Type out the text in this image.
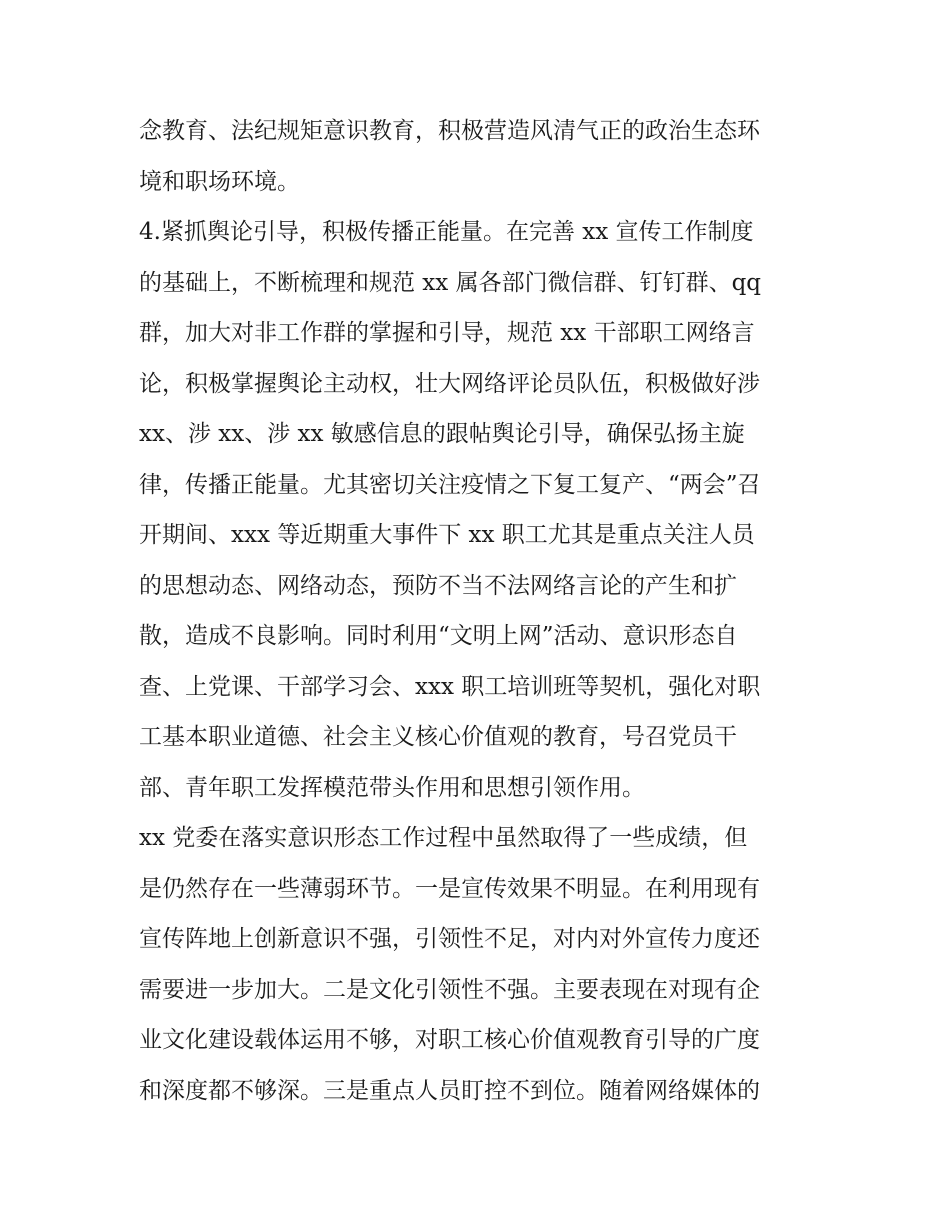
念教育、法纪规矩意识教育，积极营造风清气正的政治生态环
境和职场环境。
4.紧抓舆论引导，积极传播正能量。在完善 xx 宣传工作制度
的基础上，不断梳理和规范 xx 属各部门微信群、钉钉群、qq
群，加大对非工作群的掌握和引导，规范 xx 干部职工网络言
论，积极掌握舆论主动权，壮大网络评论员队伍，积极做好涉
xx、涉 xx、涉 xx 敏感信息的跟帖舆论引导，确保弘扬主旋
律，传播正能量。尤其密切关注疫情之下复工复产、“两会”召
开期间、xxx 等近期重大事件下 xx 职工尤其是重点关注人员
的思想动态、网络动态，预防不当不法网络言论的产生和扩
散，造成不良影响。同时利用“文明上网”活动、意识形态自
查、上党课、干部学习会、xxx 职工培训班等契机，强化对职
工基本职业道德、社会主义核心价值观的教育，号召党员干
部、青年职工发挥模范带头作用和思想引领作用。
xx 党委在落实意识形态工作过程中虽然取得了一些成绩，但
是仍然存在一些薄弱环节。一是宣传效果不明显。在利用现有
宣传阵地上创新意识不强，引领性不足，对内对外宣传力度还
需要进一步加大。二是文化引领性不强。主要表现在对现有企
业文化建设载体运用不够，对职工核心价值观教育引导的广度
和深度都不够深。三是重点人员盯控不到位。随着网络媒体的
